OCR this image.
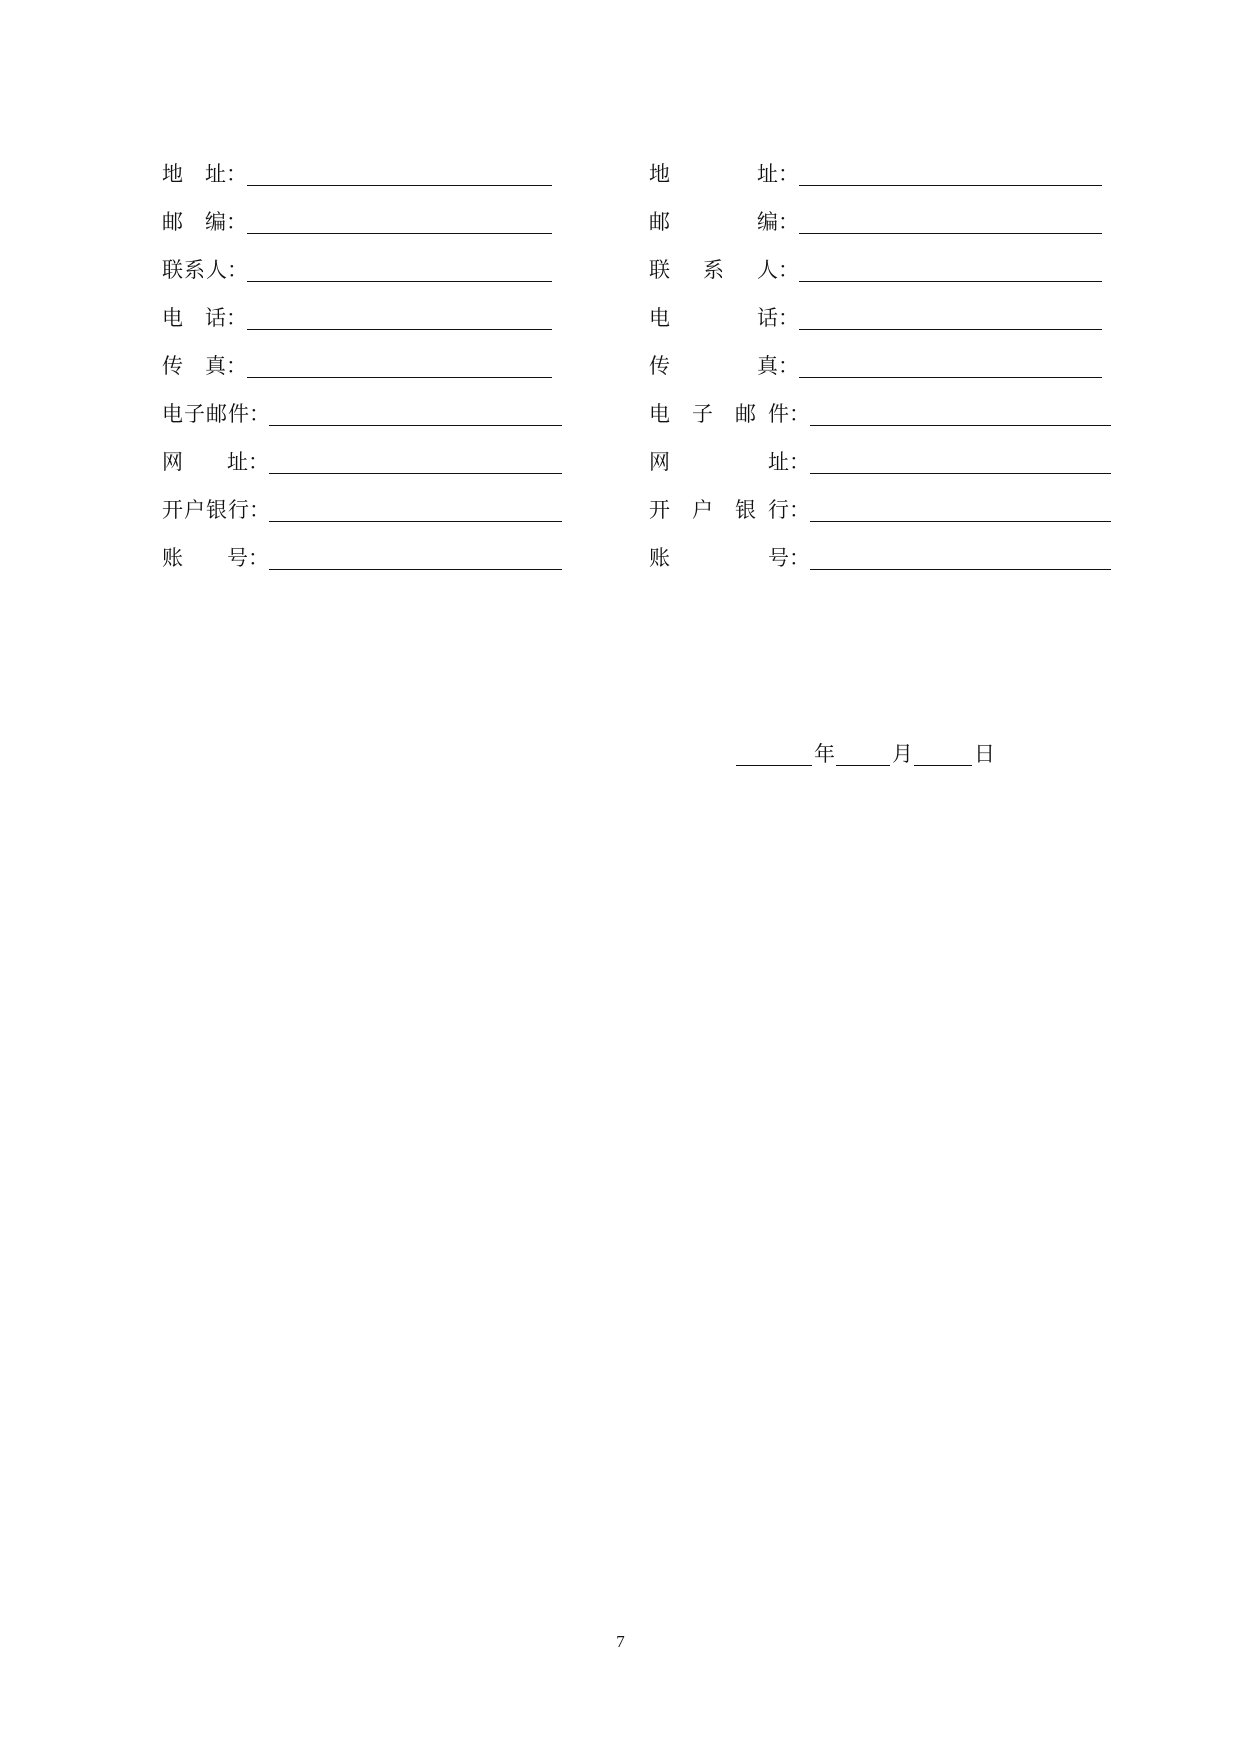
地 址：
邮 编：
联 系 人：
电 话：
传 真：
电 子 邮 件：
网 址：
开 户 银 行：
账 号：
地	址：
邮	编：
联 系 人：
电	话：
传	真：
电 子 邮 件：
网	址：
开 户 银 行：
账	号：
年	月	日
7
